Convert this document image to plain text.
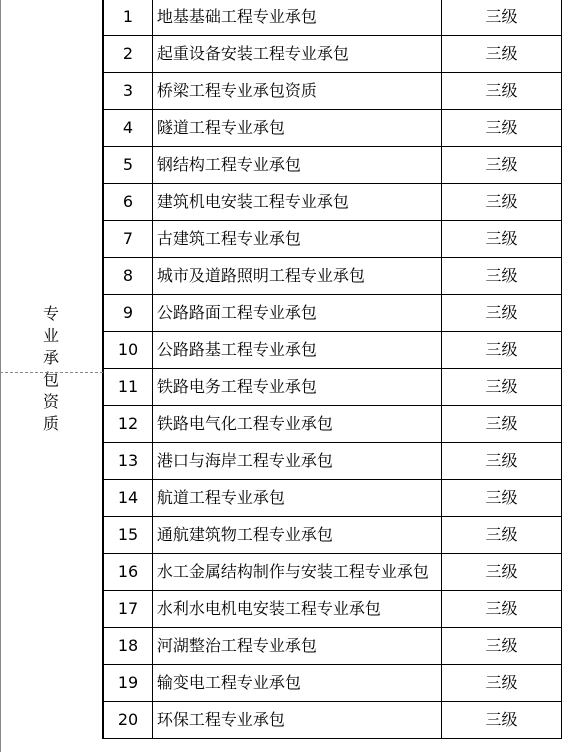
专业承包资质	1	地基基础工程专业承包	三级	
	2	起重设备安装工程专业承包	三级	
	3	桥梁工程专业承包资质	三级	
	4	隧道工程专业承包	三级	
	5	钢结构工程专业承包	三级	
	6	建筑机电安装工程专业承包	三级	
	7	古建筑工程专业承包	三级	
	8	城市及道路照明工程专业承包	三级	
	9	公路路面工程专业承包	三级	
	10	公路路基工程专业承包	三级	
	11	铁路电务工程专业承包	三级	
	12	铁路电气化工程专业承包	三级	
	13	港口与海岸工程专业承包	三级	
	14	航道工程专业承包	三级	
	15	通航建筑物工程专业承包	三级	
	16	水工金属结构制作与安装工程专业承包	三级	
	17	水利水电机电安装工程专业承包	三级	
	18	河湖整治工程专业承包	三级	
	19	输变电工程专业承包	三级	
	20	环保工程专业承包	三级	
